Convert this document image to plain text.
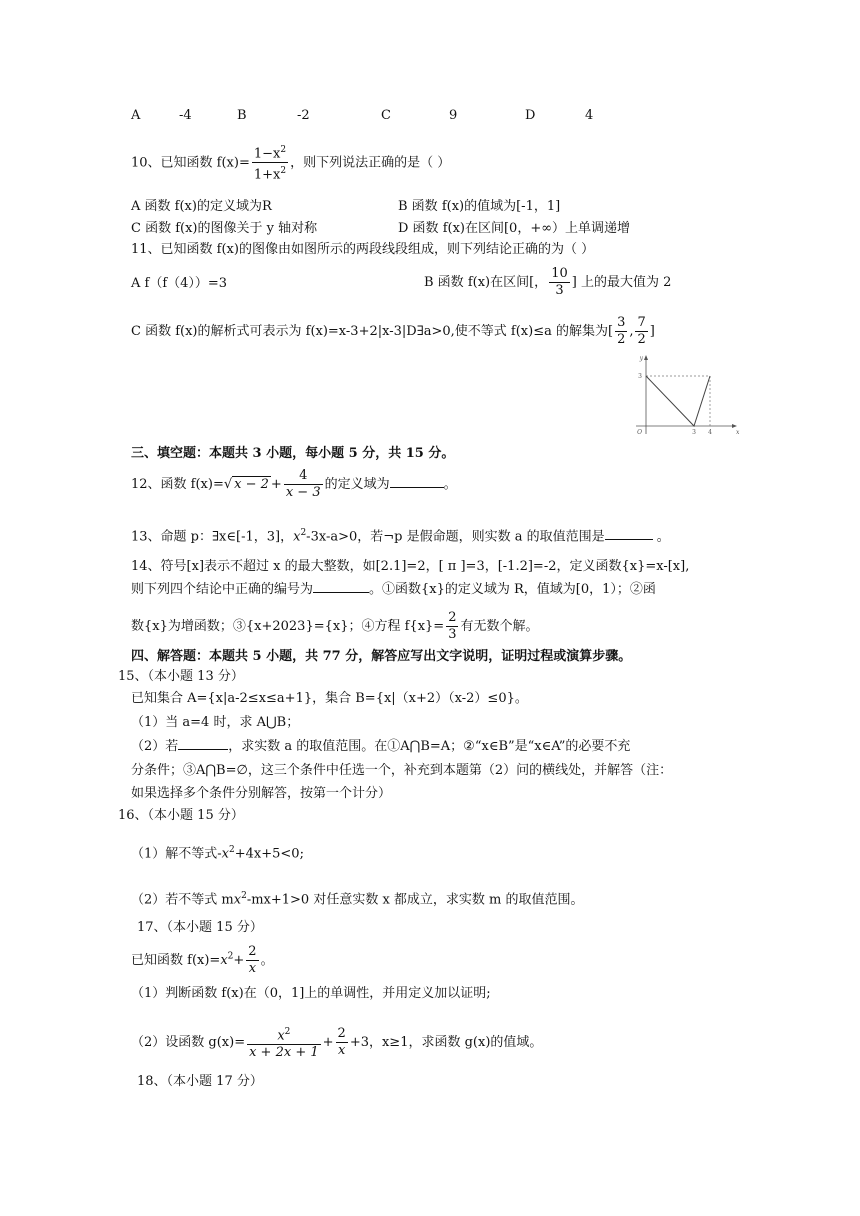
A	-4	B	-2	C	9	D	4
10、已知函数 $f(x)= \frac{1-x^2}{1+x^2}$ ，则下列说法正确的是（ ）
A 函数 f(x)的定义域为R	B 函数 f(x)的值域为[-1，1]
C 函数 f(x)的图像关于 y 轴对称	D 函数 f(x)在区间[0，+∞）上单调递增
11、已知函数 f(x)的图像由如图所示的两段线段组成，则下列结论正确的为（ ）
A f（f（4））=3	B 函数 f(x)在区间[， $\frac{10}{3}$ ] 上的最大值为 2
C 函数 f(x)的解析式可表示为 f(x)=x-3+2|x-3|D∃a>0,使不等式 f(x)≤a 的解集为[ $\frac{3}{2}$ , $\frac{7}{2}$ ]
y
x
O
3
3 4
三、填空题：本题共 3 小题，每小题 5 分，共 15 分。
12、函数 f(x)=√ $x - 2 + \frac{4}{x - 3}$ 的定义域为	。
13、命题 p：∃x∈[-1，3]，$x^2-3x-a>0$，若¬p 是假命题，则实数 a 的取值范围是	。
14、符号[x]表示不超过 x 的最大整数，如[2.1]=2，[ π ]=3，[-1.2]=-2，定义函数{x}=x-[x],
则下列四个结论中正确的编号为	。①函数{x}的定义域为 R，值域为[0，1）；②函
数{x}为增函数；③{x+2023}={x}；④方程 $f\{x\}= \frac{2}{3}$ 有无数个解。
四、解答题：本题共 5 小题，共 77 分，解答应写出文字说明，证明过程或演算步骤。
15、（本小题 13 分）
已知集合 A={x|a-2≤x≤a+1}，集合 B={x|（x+2）（x-2）≤0}。
（1）当 a=4 时，求 A⋃B；
（2）若	，求实数 a 的取值范围。在①A⋂B=A；②“x∈B”是“x∈A”的必要不充
分条件；③A⋂B=∅，这三个条件中任选一个，补充到本题第（2）问的横线处，并解答（注：
如果选择多个条件分别解答，按第一个计分）
16、（本小题 15 分）
（1）解不等式$-x^2+4x+5<0$;
（2）若不等式 $mx^2-mx+1>0$ 对任意实数 x 都成立，求实数 m 的取值范围。
17、（本小题 15 分）
已知函数 $f(x)=x^2+ \frac{2}{x}$ 。
（1）判断函数 f(x)在（0，1]上的单调性，并用定义加以证明;
（2）设函数 $g(x)= \frac{x^2}{x + 2x + 1} + \frac{2}{x} +3$，x≥1，求函数 g(x)的值域。
18、（本小题 17 分）
